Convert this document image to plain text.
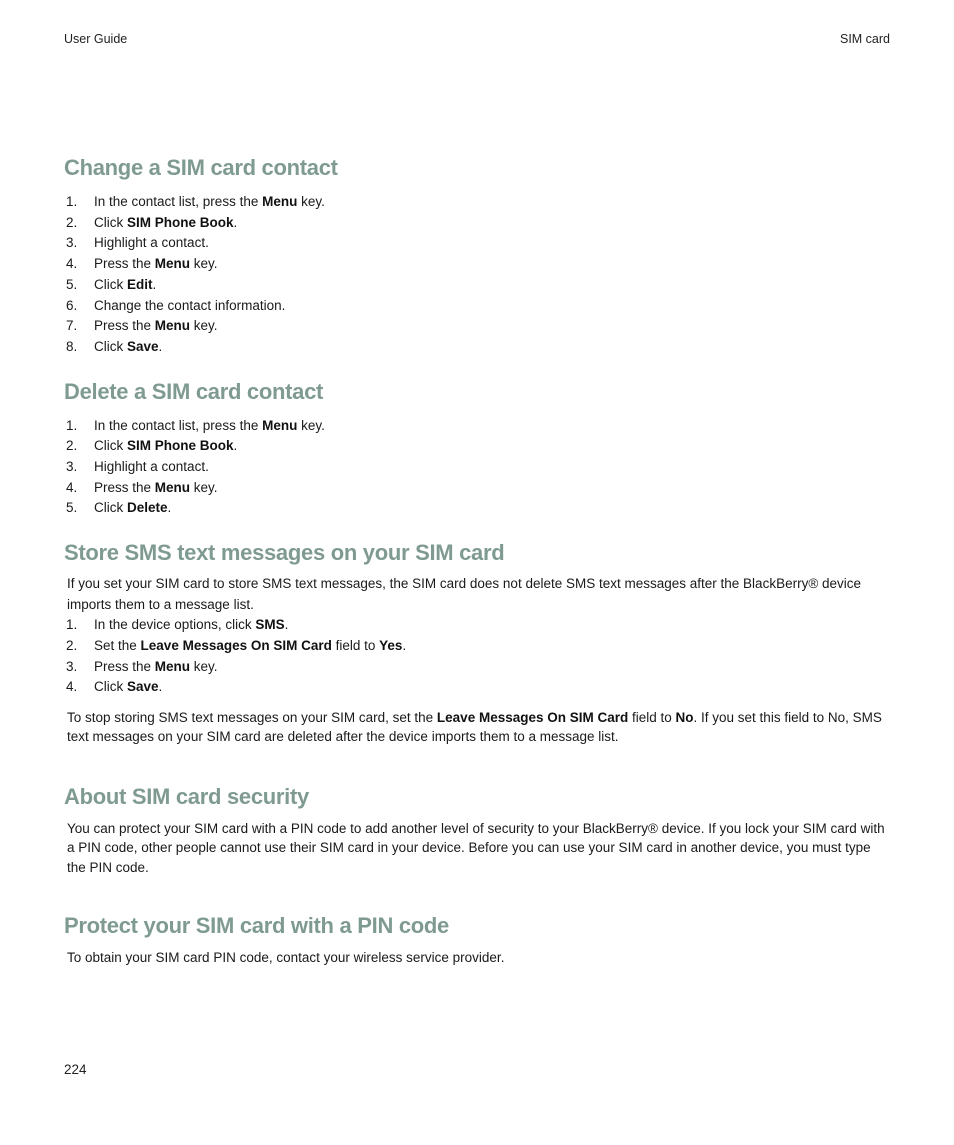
User Guide	SIM card
Change a SIM card contact
1. In the contact list, press the Menu key.
2. Click SIM Phone Book.
3. Highlight a contact.
4. Press the Menu key.
5. Click Edit.
6. Change the contact information.
7. Press the Menu key.
8. Click Save.
Delete a SIM card contact
1. In the contact list, press the Menu key.
2. Click SIM Phone Book.
3. Highlight a contact.
4. Press the Menu key.
5. Click Delete.
Store SMS text messages on your SIM card

If you set your SIM card to store SMS text messages, the SIM card does not delete SMS text messages after the BlackBerry® device imports them to a message list.

1. In the device options, click SMS.
2. Set the Leave Messages On SIM Card field to Yes.
3. Press the Menu key.
4. Click Save.

To stop storing SMS text messages on your SIM card, set the Leave Messages On SIM Card field to No. If you set this field to No, SMS text messages on your SIM card are deleted after the device imports them to a message list.

About SIM card security

You can protect your SIM card with a PIN code to add another level of security to your BlackBerry® device. If you lock your SIM card with a PIN code, other people cannot use their SIM card in your device. Before you can use your SIM card in another device, you must type the PIN code.

Protect your SIM card with a PIN code

To obtain your SIM card PIN code, contact your wireless service provider.

224
